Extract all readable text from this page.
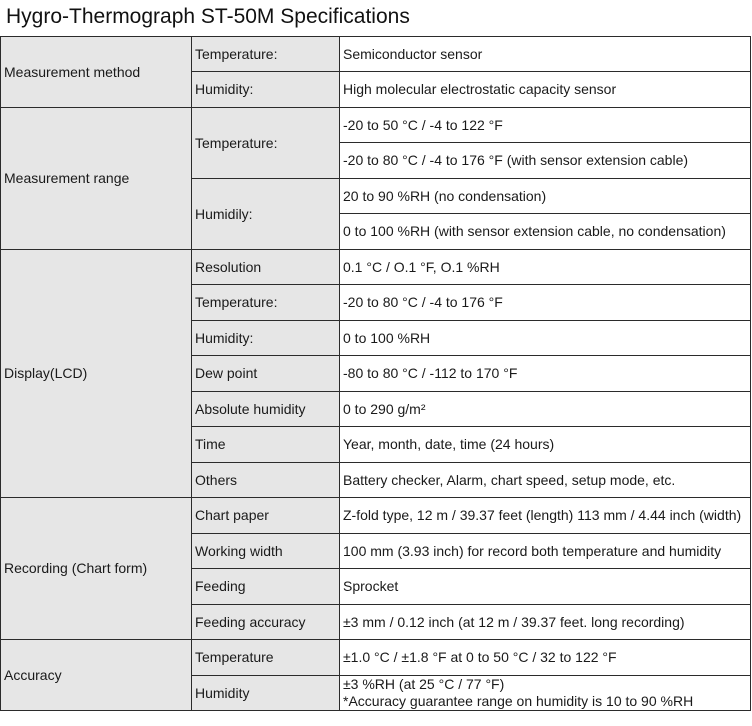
Hygro-Thermograph ST-50M Specifications
Measurement method	Temperature:	Semiconductor sensor
	Humidity:	High molecular electrostatic capacity sensor
Measurement range	Temperature:	-20 to 50 °C / -4 to 122 °F
		-20 to 80 °C / -4 to 176 °F (with sensor extension cable)
	Humidily:	20 to 90 %RH (no condensation)
		0 to 100 %RH (with sensor extension cable, no condensation)
Display(LCD)	Resolution	0.1 °C / O.1 °F, O.1 %RH
	Temperature:	-20 to 80 °C / -4 to 176 °F
	Humidity:	0 to 100 %RH
	Dew point	-80 to 80 °C / -112 to 170 °F
	Absolute humidity	0 to 290 g/m²
	Time	Year, month, date, time (24 hours)
	Others	Battery checker, Alarm, chart speed, setup mode, etc.
Recording (Chart form)	Chart paper	Z-fold type, 12 m / 39.37 feet (length) 113 mm / 4.44 inch (width)
	Working width	100 mm (3.93 inch) for record both temperature and humidity
	Feeding	Sprocket
	Feeding accuracy	±3 mm / 0.12 inch (at 12 m / 39.37 feet. long recording)
Accuracy	Temperature	±1.0 °C / ±1.8 °F at 0 to 50 °C / 32 to 122 °F
	Humidity	±3 %RH (at 25 °C / 77 °F)
*Accuracy guarantee range on humidity is 10 to 90 %RH
